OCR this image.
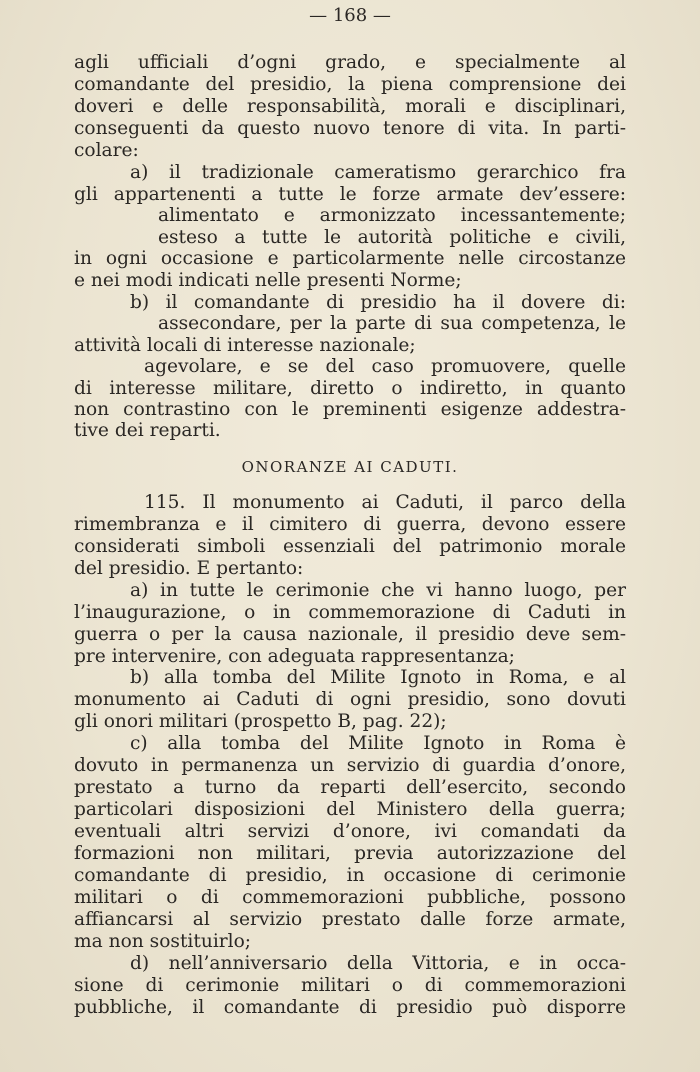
— 168 —
agli ufficiali d’ogni grado, e specialmente al
comandante del presidio, la piena comprensione dei
doveri e delle responsabilità, morali e disciplinari,
conseguenti da questo nuovo tenore di vita. In parti-
colare:
a) il tradizionale cameratismo gerarchico fra
gli appartenenti a tutte le forze armate dev’essere:
alimentato e armonizzato incessantemente;
esteso a tutte le autorità politiche e civili,
in ogni occasione e particolarmente nelle circostanze
e nei modi indicati nelle presenti Norme;
b) il comandante di presidio ha il dovere di:
assecondare, per la parte di sua competenza, le
attività locali di interesse nazionale;
agevolare, e se del caso promuovere, quelle
di interesse militare, diretto o indiretto, in quanto
non contrastino con le preminenti esigenze addestra-
tive dei reparti.
ONORANZE AI CADUTI.
115. Il monumento ai Caduti, il parco della
rimembranza e il cimitero di guerra, devono essere
considerati simboli essenziali del patrimonio morale
del presidio. E pertanto:
a) in tutte le cerimonie che vi hanno luogo, per
l’inaugurazione, o in commemorazione di Caduti in
guerra o per la causa nazionale, il presidio deve sem-
pre intervenire, con adeguata rappresentanza;
b) alla tomba del Milite Ignoto in Roma, e al
monumento ai Caduti di ogni presidio, sono dovuti
gli onori militari (prospetto B, pag. 22);
c) alla tomba del Milite Ignoto in Roma è
dovuto in permanenza un servizio di guardia d’onore,
prestato a turno da reparti dell’esercito, secondo
particolari disposizioni del Ministero della guerra;
eventuali altri servizi d’onore, ivi comandati da
formazioni non militari, previa autorizzazione del
comandante di presidio, in occasione di cerimonie
militari o di commemorazioni pubbliche, possono
affiancarsi al servizio prestato dalle forze armate,
ma non sostituirlo;
d) nell’anniversario della Vittoria, e in occa-
sione di cerimonie militari o di commemorazioni
pubbliche, il comandante di presidio può disporre
